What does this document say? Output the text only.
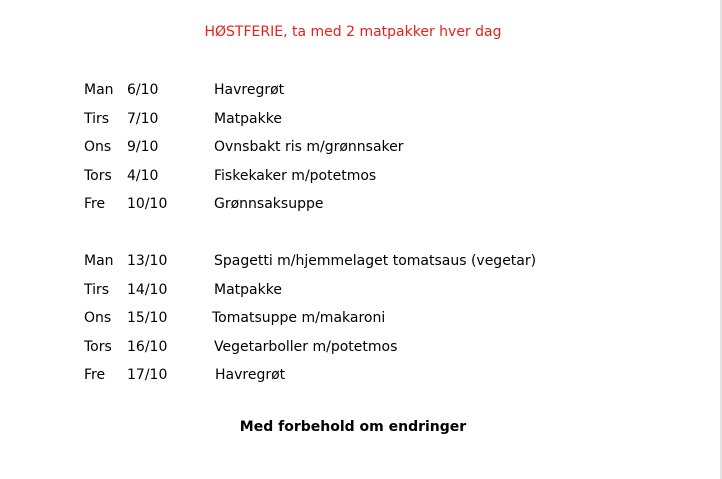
HØSTFERIE, ta med 2 matpakker hver dag
Man 6/10	Havregrøt
Tirs 7/10	Matpakke
Ons 9/10	Ovnsbakt ris m/grønnsaker
Tors 4/10	Fiskekaker m/potetmos
Fre 10/10	Grønnsaksuppe
Man 13/10	Spagetti m/hjemmelaget tomatsaus (vegetar)
Tirs 14/10	Matpakke
Ons 15/10	Tomatsuppe m/makaroni
Tors 16/10	Vegetarboller m/potetmos
Fre 17/10	Havregrøt
Med forbehold om endringer
